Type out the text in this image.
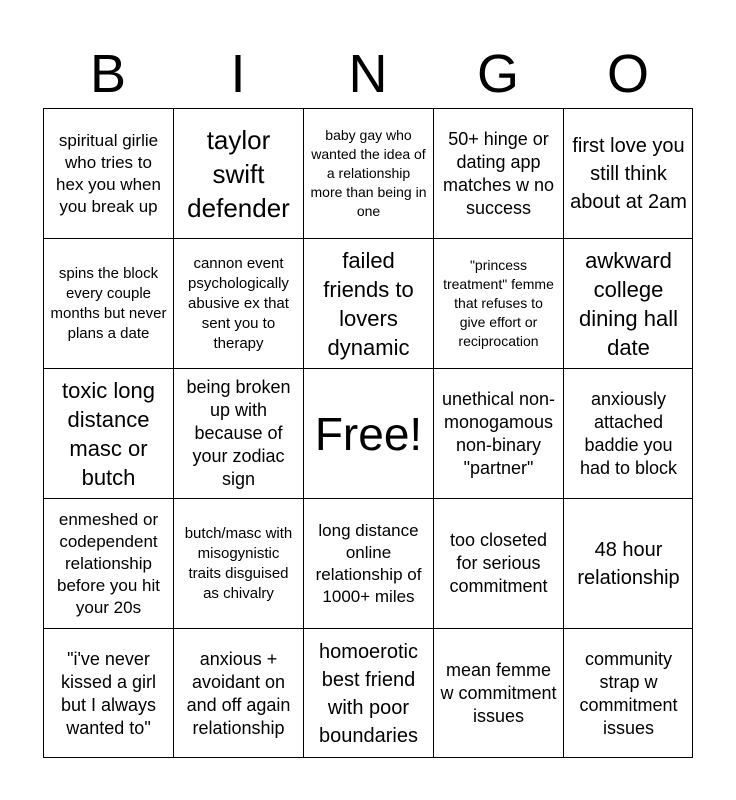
B	I	N	G	O
spiritual girlie who tries to hex you when you break up
taylor swift defender
baby gay who wanted the idea of a relationship more than being in one
50+ hinge or dating app matches w no success
first love you still think about at 2am
spins the block every couple months but never plans a date
cannon event psychologically abusive ex that sent you to therapy
failed friends to lovers dynamic
"princess treatment" femme that refuses to give effort or reciprocation
awkward college dining hall date
toxic long distance masc or butch
being broken up with because of your zodiac sign
Free!
unethical non-monogamous non-binary "partner"
anxiously attached baddie you had to block
enmeshed or codependent relationship before you hit your 20s
butch/masc with misogynistic traits disguised as chivalry
long distance online relationship of 1000+ miles
too closeted for serious commitment
48 hour relationship
"i've never kissed a girl but I always wanted to"
anxious + avoidant on and off again relationship
homoerotic best friend with poor boundaries
mean femme w commitment issues
community strap w commitment issues
